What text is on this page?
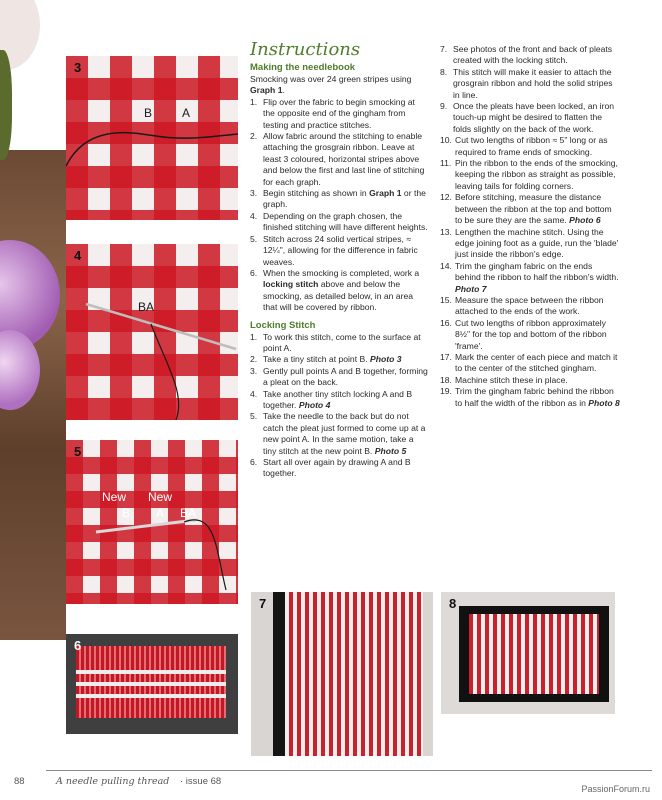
3
B A
4
BA
5
New New
B A BA
6
7	8
Instructions
Making the needlebook

Smocking was over 24 green stripes using Graph 1.

1. Flip over the fabric to begin smocking at the opposite end of the gingham from testing and practice stitches.
2. Allow fabric around the stitching to enable attaching the grosgrain ribbon. Leave at least 3 coloured, horizontal stripes above and below the first and last line of stitching for each graph.
3. Begin stitching as shown in Graph 1 or the graph.
4. Depending on the graph chosen, the finished stitching will have different heights.
5. Stitch across 24 solid vertical stripes, ≈ 12¼", allowing for the difference in fabric weaves.
6. When the smocking is completed, work a locking stitch above and below the smocking, as detailed below, in an area that will be covered by ribbon.
Locking Stitch
1. To work this stitch, come to the surface at point A.
2. Take a tiny stitch at point B. Photo 3
3. Gently pull points A and B together, forming a pleat on the back.
4. Take another tiny stitch locking A and B together. Photo 4
5. Take the needle to the back but do not catch the pleat just formed to come up at a new point A. In the same motion, take a tiny stitch at the new point B. Photo 5
6. Start all over again by drawing A and B together.
7. See photos of the front and back of pleats created with the locking stitch.
8. This stitch will make it easier to attach the grosgrain ribbon and hold the solid stripes in line.
9. Once the pleats have been locked, an iron touch-up might be desired to flatten the folds slightly on the back of the work.
10. Cut two lengths of ribbon ≈ 5" long or as required to frame ends of smocking.
11. Pin the ribbon to the ends of the smocking, keeping the ribbon as straight as possible, leaving tails for folding corners.
12. Before stitching, measure the distance between the ribbon at the top and bottom to be sure they are the same. Photo 6
13. Lengthen the machine stitch. Using the edge joining foot as a guide, run the 'blade' just inside the ribbon's edge.
14. Trim the gingham fabric on the ends behind the ribbon to half the ribbon's width. Photo 7
15. Measure the space between the ribbon attached to the ends of the work.
16. Cut two lengths of ribbon approximately 8½" for the top and bottom of the ribbon 'frame'.
17. Mark the center of each piece and match it to the center of the stitched gingham.
18. Machine stitch these in place.
19. Trim the gingham fabric behind the ribbon to half the width of the ribbon as in Photo 8
88	A needle pulling thread · issue 68
PassionForum.ru
